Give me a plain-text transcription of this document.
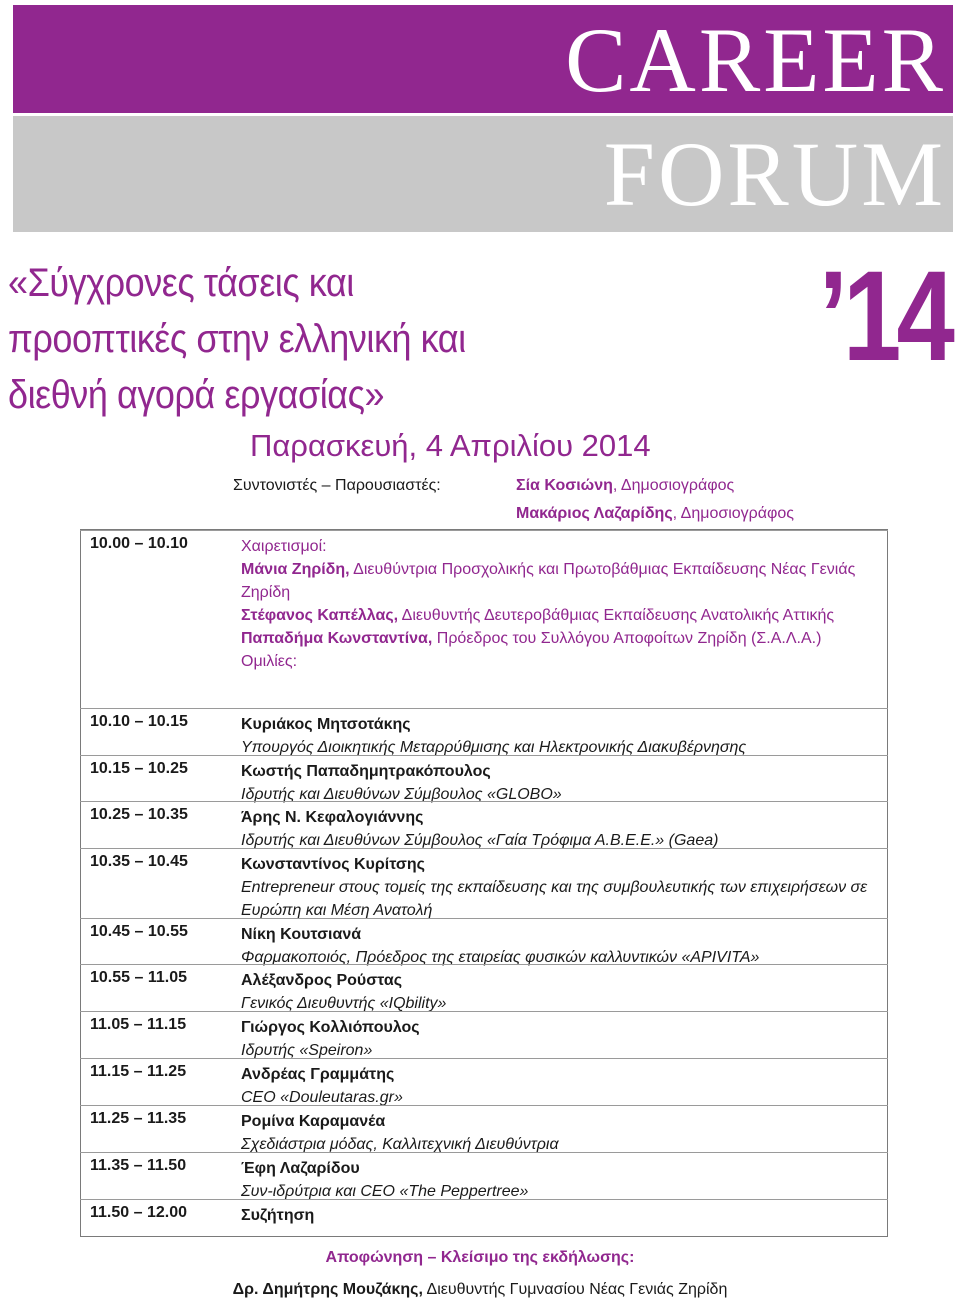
CAREER
FORUM
«Σύγχρονες τάσεις και
προοπτικές στην ελληνική και
διεθνή αγορά εργασίας»
’14
Παρασκευή, 4 Απριλίου 2014
Συντονιστές – Παρουσιαστές:	Σία Κοσιώνη, Δημοσιογράφος
Μακάριος Λαζαρίδης, Δημοσιογράφος
10.00 – 10.10	Χαιρετισμοί:
Μάνια Ζηρίδη, Διευθύντρια Προσχολικής και Πρωτοβάθμιας Εκπαίδευσης Νέας Γενιάς Ζηρίδη
Στέφανος Καπέλλας, Διευθυντής Δευτεροβάθμιας Εκπαίδευσης Ανατολικής Αττικής
Παπαδήμα Κωνσταντίνα, Πρόεδρος του Συλλόγου Αποφοίτων Ζηρίδη (Σ.Α.Λ.Α.)
Ομιλίες:
10.10 – 10.15	Κυριάκος Μητσοτάκης
Υπουργός Διοικητικής Μεταρρύθμισης και Ηλεκτρονικής Διακυβέρνησης
10.15 – 10.25	Κωστής Παπαδημητρακόπουλος
Ιδρυτής και Διευθύνων Σύμβουλος «GLOBO»
10.25 – 10.35	Άρης Ν. Κεφαλογιάννης
Ιδρυτής και Διευθύνων Σύμβουλος «Γαία Τρόφιμα Α.Β.Ε.Ε.» (Gaea)
10.35 – 10.45	Κωνσταντίνος Κυρίτσης
Entrepreneur στους τομείς της εκπαίδευσης και της συμβουλευτικής των επιχειρήσεων σε Ευρώπη και Μέση Ανατολή
10.45 – 10.55	Νίκη Κουτσιανά
Φαρμακοποιός, Πρόεδρος της εταιρείας φυσικών καλλυντικών «APIVITA»
10.55 – 11.05	Αλέξανδρος Ρούστας
Γενικός Διευθυντής «IQbility»
11.05 – 11.15	Γιώργος Κολλιόπουλος
Ιδρυτής «Speiron»
11.15 – 11.25	Ανδρέας Γραμμάτης
CEO «Douleutaras.gr»
11.25 – 11.35	Ρομίνα Καραμανέα
Σχεδιάστρια μόδας, Καλλιτεχνική Διευθύντρια
11.35 – 11.50	Έφη Λαζαρίδου
Συν-ιδρύτρια και CEO «The Peppertree»
11.50 – 12.00	Συζήτηση
Αποφώνηση – Κλείσιμο της εκδήλωσης:
Δρ. Δημήτρης Μουζάκης, Διευθυντής Γυμνασίου Νέας Γενιάς Ζηρίδη
